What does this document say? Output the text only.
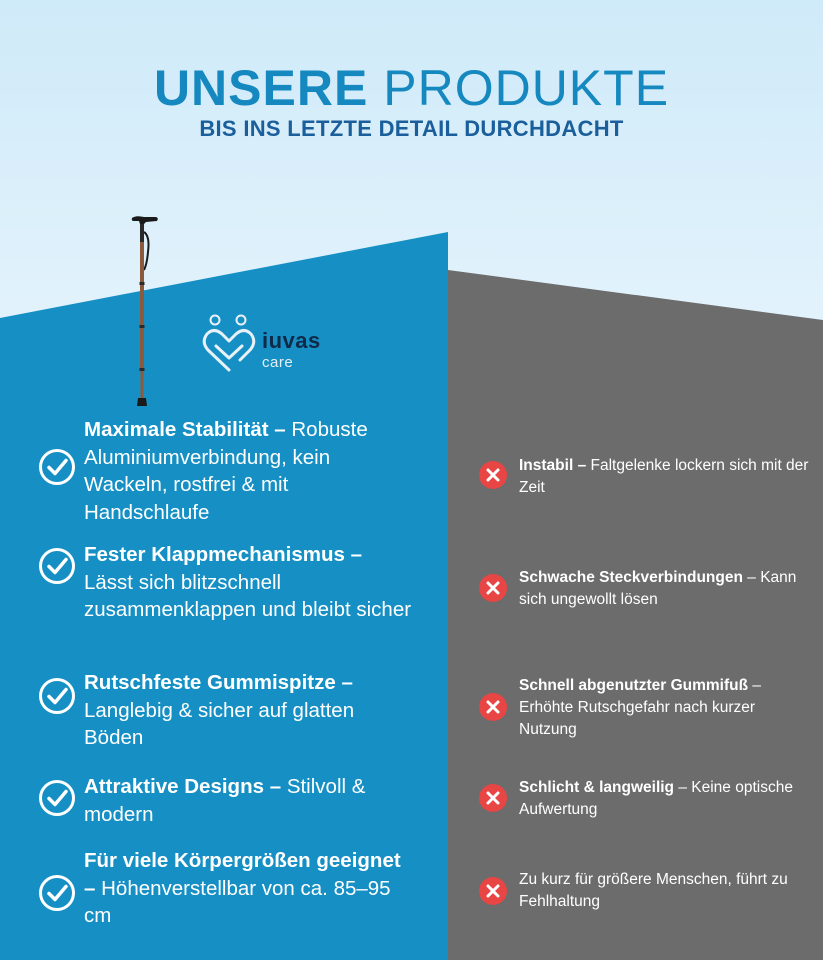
UNSERE PRODUKTE
BIS INS LETZTE DETAIL DURCHDACHT
iuvas
care
Maximale Stabilität – Robuste Aluminiumverbindung, kein Wackeln, rostfrei & mit Handschlaufe
Fester Klappmechanismus – Lässt sich blitzschnell zusammenklappen und bleibt sicher
Rutschfeste Gummispitze – Langlebig & sicher auf glatten Böden
Attraktive Designs – Stilvoll & modern
Für viele Körpergrößen geeignet – Höhenverstellbar von ca. 85–95 cm
Instabil – Faltgelenke lockern sich mit der Zeit
Schwache Steckverbindungen – Kann sich ungewollt lösen
Schnell abgenutzter Gummifuß – Erhöhte Rutschgefahr nach kurzer Nutzung
Schlicht & langweilig – Keine optische Aufwertung
Zu kurz für größere Menschen, führt zu Fehlhaltung
